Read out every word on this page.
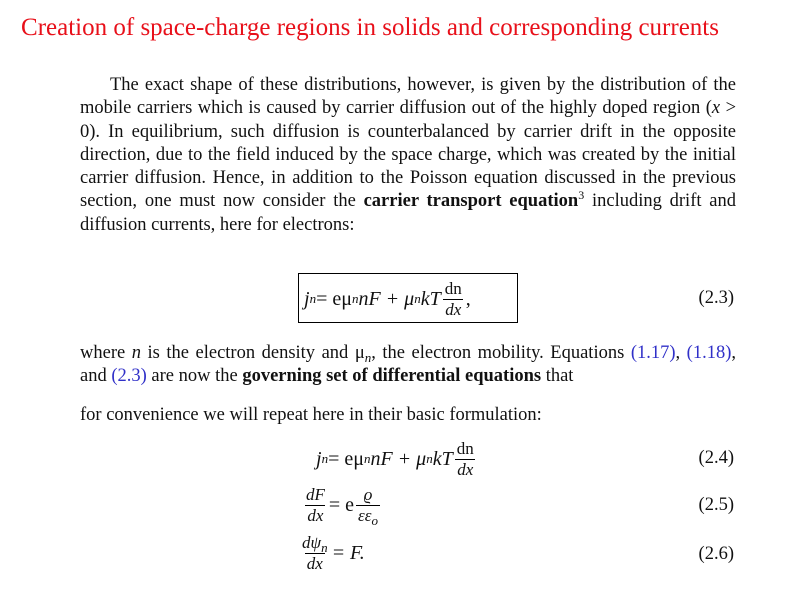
Creation of space-charge regions in solids and corresponding currents
The exact shape of these distributions, however, is given by the distribution of the mobile carriers which is caused by carrier diffusion out of the highly doped region (x > 0). In equilibrium, such diffusion is counterbalanced by carrier drift in the opposite direction, due to the field induced by the space charge, which was created by the initial carrier diffusion. Hence, in addition to the Poisson equation discussed in the previous section, one must now consider the carrier transport equation$^3$ including drift and diffusion currents, here for electrons:
j n = eμ n nF + μ n kT $\frac{dn}{dx}$ ,	(2.3)
where n is the electron density and $\mu_n$, the electron mobility. Equations (1.17), (1.18), and (2.3) are now the governing set of differential equations that
for convenience we will repeat here in their basic formulation:
j n = eμ n nF + μ n kT $\frac{dn}{dx}$	(2.4)
$\frac{dF}{dx} = e \frac{ϱ}{\varepsilon\varepsilon_o}$	(2.5)
$\frac{d\psi_n}{dx} = F$.	(2.6)
